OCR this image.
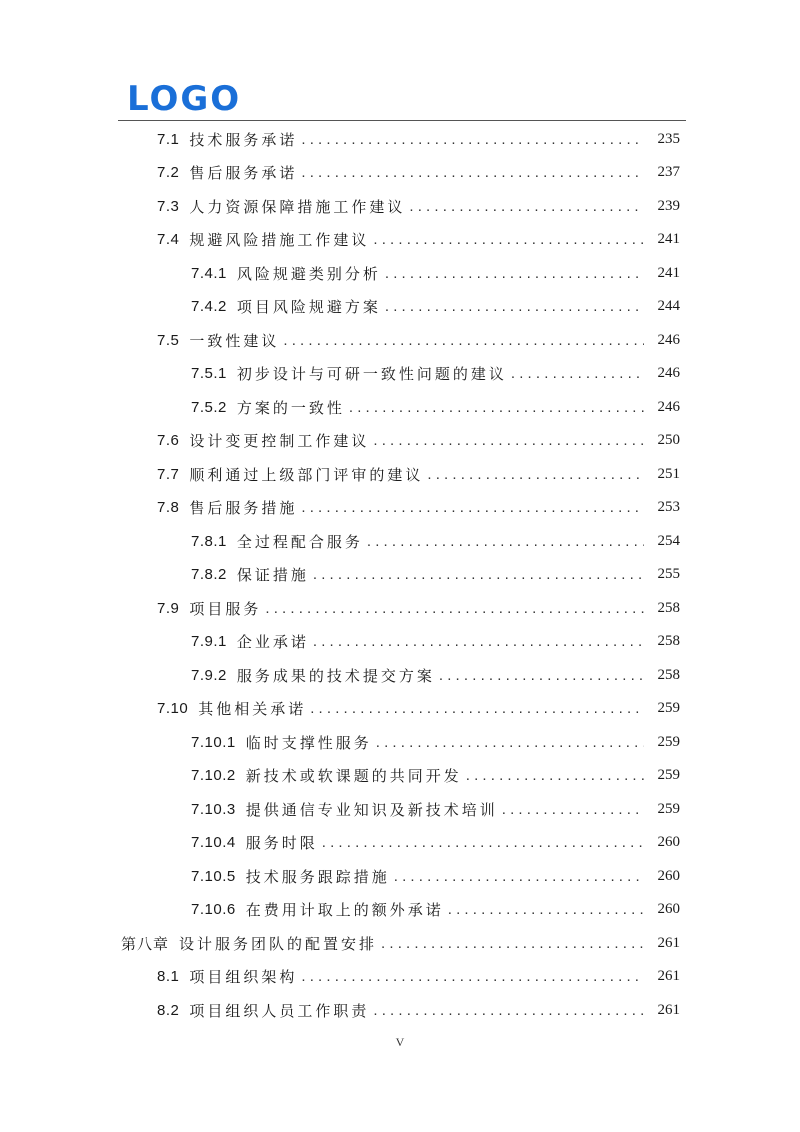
LOGO
7.1 技术服务承诺 . . .	235
7.2 售后服务承诺 . . .	237
7.3 人力资源保障措施工作建议 . . .	239
7.4 规避风险措施工作建议 . . .	241
7.4.1 风险规避类别分析 . . .	241
7.4.2 项目风险规避方案 . . .	244
7.5 一致性建议 . . .	246
7.5.1 初步设计与可研一致性问题的建议 . . .	246
7.5.2 方案的一致性 . . .	246
7.6 设计变更控制工作建议 . . .	250
7.7 顺利通过上级部门评审的建议 . . .	251
7.8 售后服务措施 . . .	253
7.8.1 全过程配合服务 . . .	254
7.8.2 保证措施 . . .	255
7.9 项目服务 . . .	258
7.9.1 企业承诺 . . .	258
7.9.2 服务成果的技术提交方案 . . .	258
7.10 其他相关承诺 . . .	259
7.10.1 临时支撑性服务 . . .	259
7.10.2 新技术或软课题的共同开发 . . .	259
7.10.3 提供通信专业知识及新技术培训 . . .	259
7.10.4 服务时限 . . .	260
7.10.5 技术服务跟踪措施 . . .	260
7.10.6 在费用计取上的额外承诺 . . .	260
第八章 设计服务团队的配置安排 . . .	261
8.1 项目组织架构 . . .	261
8.2 项目组织人员工作职责 . . .	261
V
